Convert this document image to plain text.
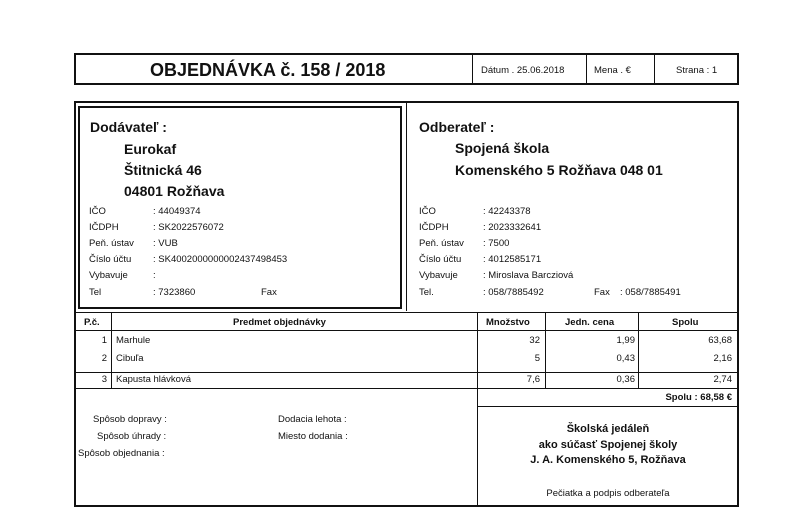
OBJEDNÁVKA č. 158 / 2018	Dátum . 25.06.2018	Mena . €	Strana : 1
Dodávateľ :
Eurokaf
Štitnická 46
04801 Rožňava
IČO	: 44049374
IČDPH	: SK2022576072
Peň. ústav : VUB
Číslo účtu : SK4002000000002437498453
Vybavuje	:
Tel	: 7323860	Fax
Odberateľ :
Spojená škola
Komenského 5 Rožňava 048 01
IČO	: 42243378
IČDPH	: 2023332641
Peň. ústav : 7500
Číslo účtu : 4012585171
Vybavuje	: Miroslava Barcziová
Tel.	: 058/7885492	Fax : 058/7885491
P.č.	Predmet objednávky	Množstvo	Jedn. cena	Spolu
1 Marhule	32	1,99	63,68
2 Cibuľa	5	0,43	2,16
3 Kapusta hlávková	7,6	0,36	2,74
Spolu : 68,58 €
Spôsob dopravy :
Spôsob úhrady :
Spôsob objednania :
Dodacia lehota :
Miesto dodania :
Školská jedáleň
ako súčasť Spojenej školy
J. A. Komenského 5, Rožňava
Pečiatka a podpis odberateľa
